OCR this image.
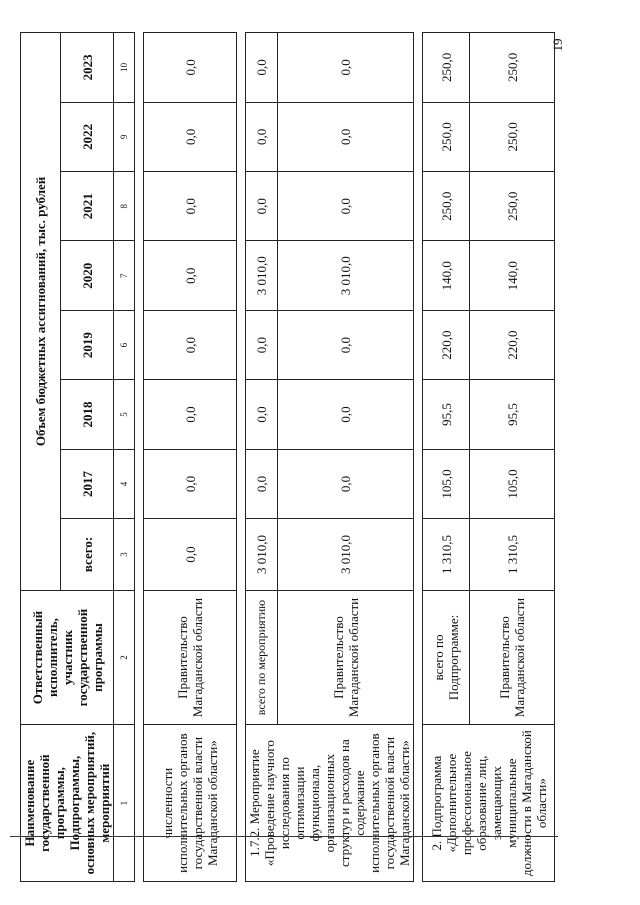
19
Наименование государственной программы, Подпрограммы, основных мероприятий, мероприятий	Ответственный исполнитель, участник государственной программы	Объем бюджетных ассигнований, тыс. рублей							
		всего:	2017	2018	2019	2020	2021	2022	2023
1	2	3	4	5	6	7	8	9	10

численности исполнительных органов государственной власти Магаданской области»	Правительство Магаданской области	0,0	0,0	0,0	0,0	0,0	0,0	0,0	0,0

1.7.2. Мероприятие «Проведение научного исследования по оптимизации функционала, организационных структур и расходов на содержание исполнительных органов государственной власти Магаданской области»	всего по мероприятию	3 010,0	0,0	0,0	0,0	3 010,0	0,0	0,0	0,0
	Правительство Магаданской области	3 010,0	0,0	0,0	0,0	3 010,0	0,0	0,0	0,0

2. Подпрограмма «Дополнительное профессиональное образование лиц, замещающих муниципальные должности в Магаданской области»	всего по Подпрограмме:	1 310,5	105,0	95,5	220,0	140,0	250,0	250,0	250,0
	Правительство Магаданской области	1 310,5	105,0	95,5	220,0	140,0	250,0	250,0	250,0
